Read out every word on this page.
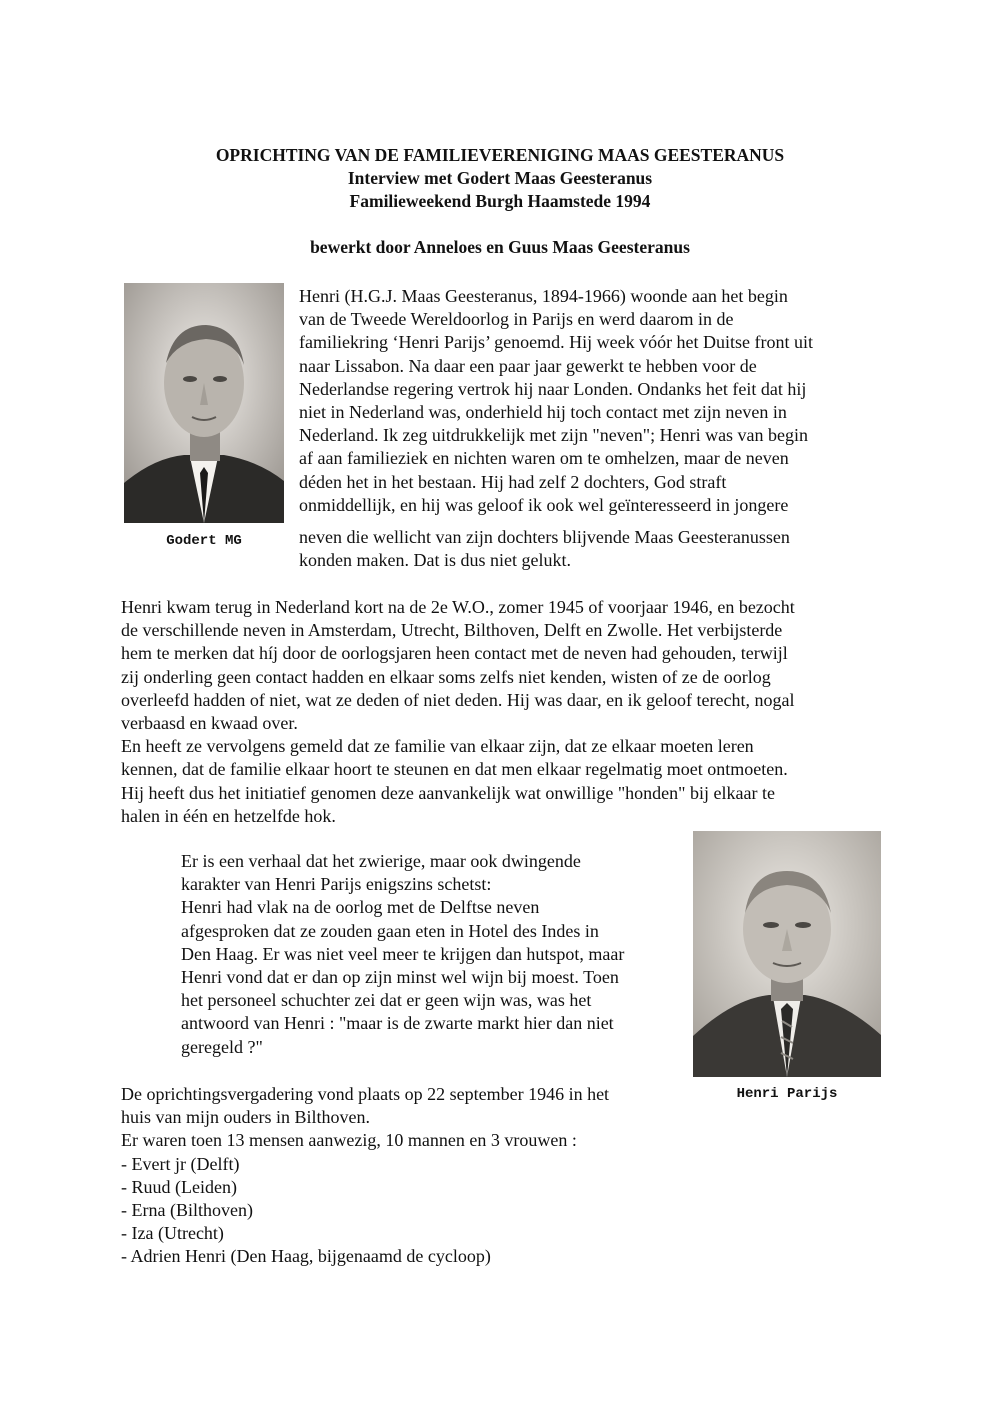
OPRICHTING VAN DE FAMILIEVERENIGING MAAS GEESTERANUS
Interview met Godert Maas Geesteranus
Familieweekend Burgh Haamstede 1994
bewerkt door Anneloes en Guus Maas Geesteranus
Godert MG
Henri (H.G.J. Maas Geesteranus, 1894-1966) woonde aan het begin
van de Tweede Wereldoorlog in Parijs en werd daarom in de
familiekring ‘Henri Parijs’ genoemd. Hij week vóór het Duitse front uit
naar Lissabon. Na daar een paar jaar gewerkt te hebben voor de
Nederlandse regering vertrok hij naar Londen. Ondanks het feit dat hij
niet in Nederland was, onderhield hij toch contact met zijn neven in
Nederland. Ik zeg uitdrukkelijk met zijn "neven"; Henri was van begin
af aan familieziek en nichten waren om te omhelzen, maar de neven
déden het in het bestaan. Hij had zelf 2 dochters, God straft
onmiddellijk, en hij was geloof ik ook wel geïnteresseerd in jongere
neven die wellicht van zijn dochters blijvende Maas Geesteranussen
konden maken. Dat is dus niet gelukt.
Henri kwam terug in Nederland kort na de 2e W.O., zomer 1945 of voorjaar 1946, en bezocht
de verschillende neven in Amsterdam, Utrecht, Bilthoven, Delft en Zwolle. Het verbijsterde
hem te merken dat híj door de oorlogsjaren heen contact met de neven had gehouden, terwijl
zij onderling geen contact hadden en elkaar soms zelfs niet kenden, wisten of ze de oorlog
overleefd hadden of niet, wat ze deden of niet deden. Hij was daar, en ik geloof terecht, nogal
verbaasd en kwaad over.
En heeft ze vervolgens gemeld dat ze familie van elkaar zijn, dat ze elkaar moeten leren
kennen, dat de familie elkaar hoort te steunen en dat men elkaar regelmatig moet ontmoeten.
Hij heeft dus het initiatief genomen deze aanvankelijk wat onwillige "honden" bij elkaar te
halen in één en hetzelfde hok.
Er is een verhaal dat het zwierige, maar ook dwingende
karakter van Henri Parijs enigszins schetst:
Henri had vlak na de oorlog met de Delftse neven
afgesproken dat ze zouden gaan eten in Hotel des Indes in
Den Haag. Er was niet veel meer te krijgen dan hutspot, maar
Henri vond dat er dan op zijn minst wel wijn bij moest. Toen
het personeel schuchter zei dat er geen wijn was, was het
antwoord van Henri : "maar is de zwarte markt hier dan niet
geregeld ?"
Henri Parijs
De oprichtingsvergadering vond plaats op 22 september 1946 in het
huis van mijn ouders in Bilthoven.
Er waren toen 13 mensen aanwezig, 10 mannen en 3 vrouwen :
- Evert jr (Delft)
- Ruud (Leiden)
- Erna (Bilthoven)
- Iza (Utrecht)
- Adrien Henri (Den Haag, bijgenaamd de cycloop)
